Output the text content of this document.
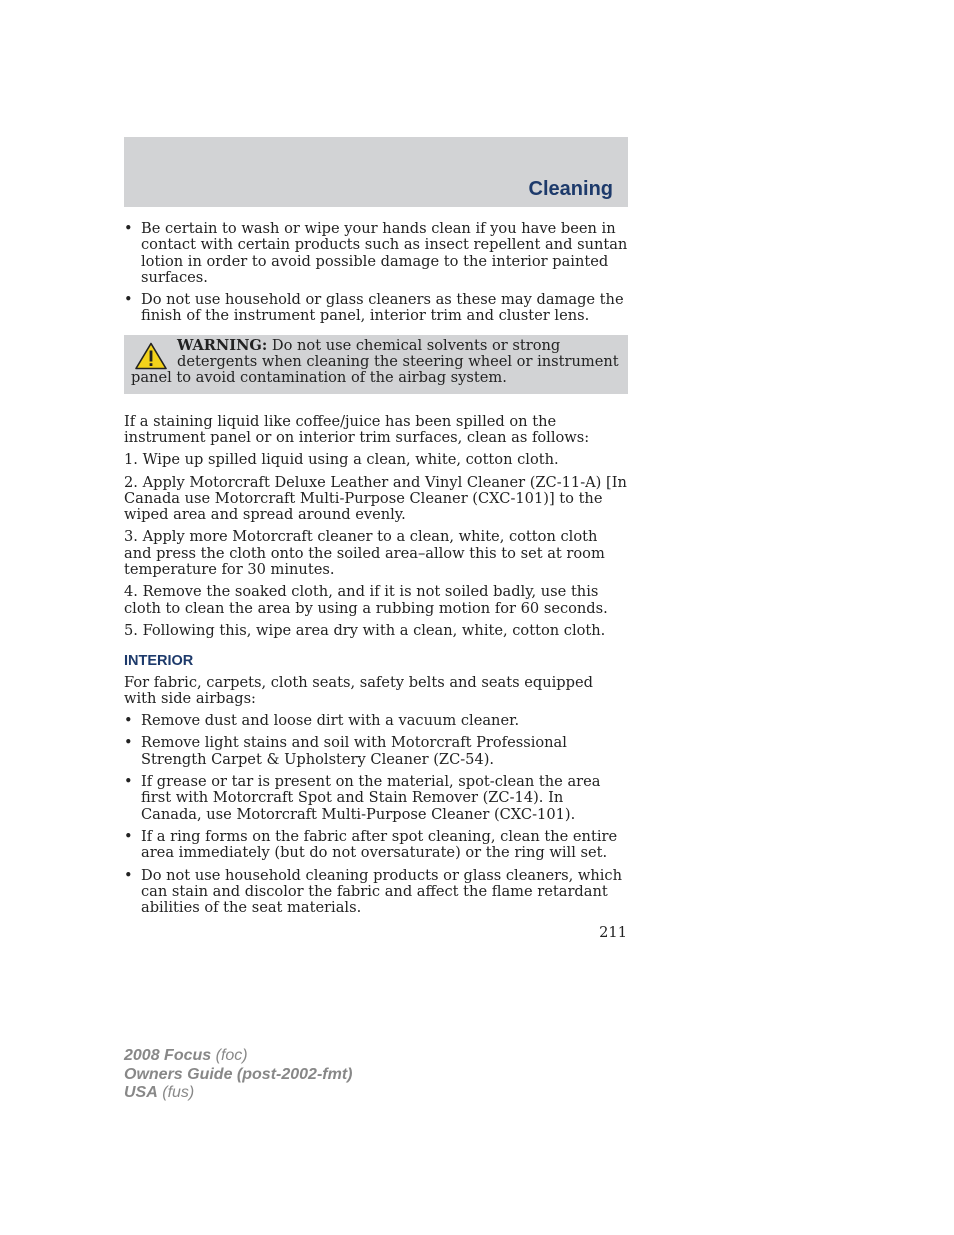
Cleaning
• Be certain to wash or wipe your hands clean if you have been in contact with certain products such as insect repellent and suntan lotion in order to avoid possible damage to the interior painted surfaces.
• Do not use household or glass cleaners as these may damage the finish of the instrument panel, interior trim and cluster lens.
WARNING: Do not use chemical solvents or strong detergents when cleaning the steering wheel or instrument panel to avoid contamination of the airbag system.

If a staining liquid like coffee/juice has been spilled on the instrument panel or on interior trim surfaces, clean as follows:

1. Wipe up spilled liquid using a clean, white, cotton cloth.

2. Apply Motorcraft Deluxe Leather and Vinyl Cleaner (ZC-11-A) [In Canada use Motorcraft Multi-Purpose Cleaner (CXC-101)] to the wiped area and spread around evenly.

3. Apply more Motorcraft cleaner to a clean, white, cotton cloth and press the cloth onto the soiled area–allow this to set at room temperature for 30 minutes.

4. Remove the soaked cloth, and if it is not soiled badly, use this cloth to clean the area by using a rubbing motion for 60 seconds.

5. Following this, wipe area dry with a clean, white, cotton cloth.

INTERIOR

For fabric, carpets, cloth seats, safety belts and seats equipped with side airbags:

• Remove dust and loose dirt with a vacuum cleaner.
• Remove light stains and soil with Motorcraft Professional Strength Carpet & Upholstery Cleaner (ZC-54).
• If grease or tar is present on the material, spot-clean the area first with Motorcraft Spot and Stain Remover (ZC-14). In Canada, use Motorcraft Multi-Purpose Cleaner (CXC-101).
• If a ring forms on the fabric after spot cleaning, clean the entire area immediately (but do not oversaturate) or the ring will set.
• Do not use household cleaning products or glass cleaners, which can stain and discolor the fabric and affect the flame retardant abilities of the seat materials.
211
2008 Focus (foc)
Owners Guide (post-2002-fmt)
USA (fus)
